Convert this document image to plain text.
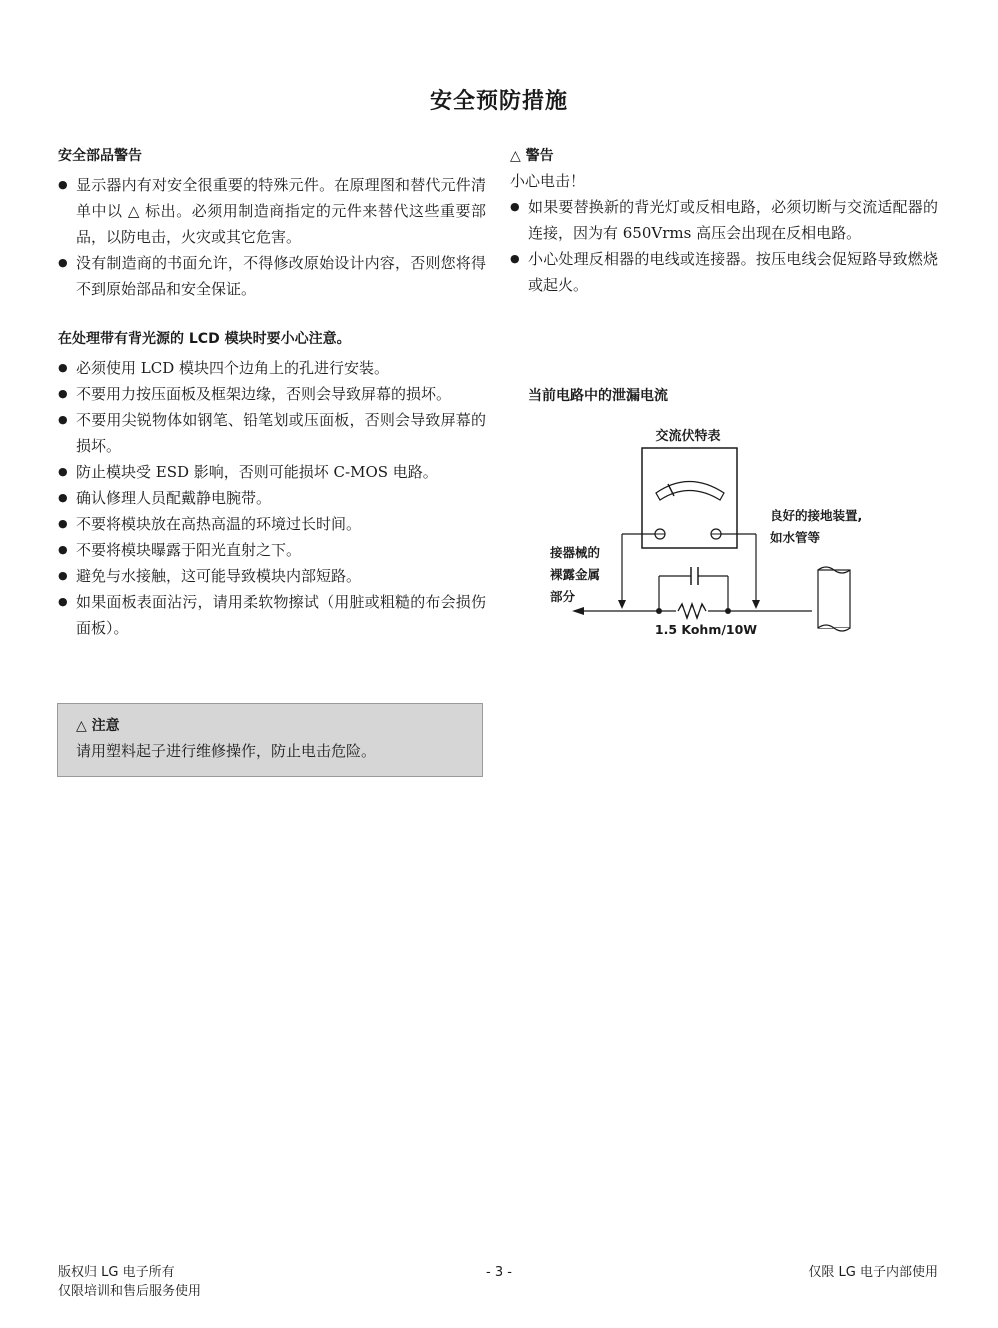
安全预防措施
安全部品警告
● 显示器内有对安全很重要的特殊元件。在原理图和替代元件清单中以 △ 标出。必须用制造商指定的元件来替代这些重要部品，以防电击，火灾或其它危害。
● 没有制造商的书面允许，不得修改原始设计内容，否则您将得不到原始部品和安全保证。
在处理带有背光源的 LCD 模块时要小心注意。
● 必须使用 LCD 模块四个边角上的孔进行安装。
● 不要用力按压面板及框架边缘，否则会导致屏幕的损坏。
● 不要用尖锐物体如钢笔、铅笔划或压面板，否则会导致屏幕的损坏。
● 防止模块受 ESD 影响，否则可能损坏 C-MOS 电路。
● 确认修理人员配戴静电腕带。
● 不要将模块放在高热高温的环境过长时间。
● 不要将模块曝露于阳光直射之下。
● 避免与水接触，这可能导致模块内部短路。
● 如果面板表面沾污，请用柔软物擦试（用脏或粗糙的布会损伤面板）。
△ 注意

请用塑料起子进行维修操作，防止电击危险。

△ 警告

小心电击！

● 如果要替换新的背光灯或反相电路，必须切断与交流适配器的连接，因为有 650Vrms 高压会出现在反相电路。
● 小心处理反相器的电线或连接器。按压电线会促短路导致燃烧或起火。
当前电路中的泄漏电流
交流伏特表
良好的接地装置,
如水管等
接器械的
裸露金属
部分
1.5 Kohm/10W
版权归 LG 电子所有
仅限培训和售后服务使用
- 3 -	仅限 LG 电子内部使用
